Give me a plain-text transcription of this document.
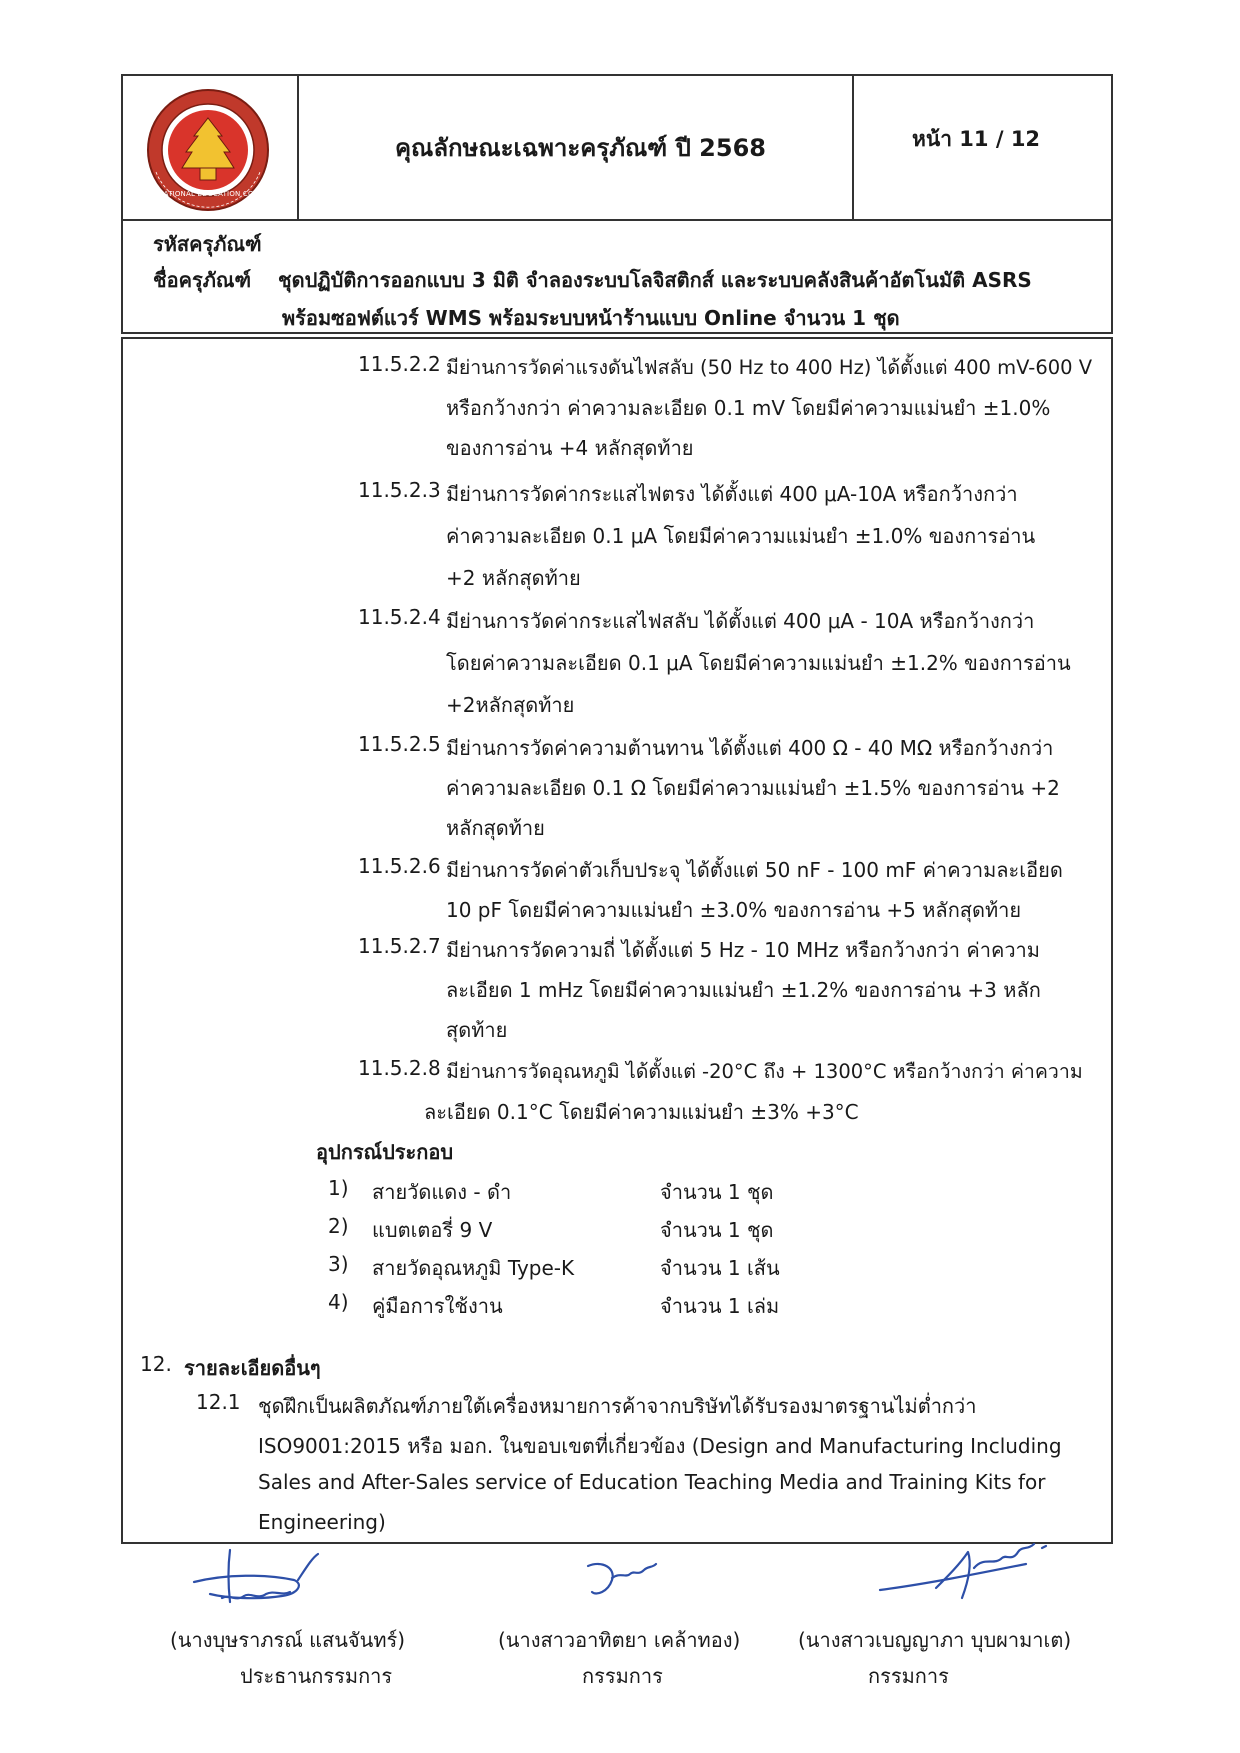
VOCATIONAL EDUCATION COMMISSION
คุณลักษณะเฉพาะครุภัณฑ์ ปี 2568	หน้า 11 / 12
รหัสครุภัณฑ์
ชื่อครุภัณฑ์ ชุดปฏิบัติการออกแบบ 3 มิติ จำลองระบบโลจิสติกส์ และระบบคลังสินค้าอัตโนมัติ ASRS
พร้อมซอฟต์แวร์ WMS พร้อมระบบหน้าร้านแบบ Online จำนวน 1 ชุด
11.5.2.2 มีย่านการวัดค่าแรงดันไฟสลับ (50 Hz to 400 Hz) ได้ตั้งแต่ 400 mV-600 V
หรือกว้างกว่า ค่าความละเอียด 0.1 mV โดยมีค่าความแม่นยำ ±1.0%
ของการอ่าน +4 หลักสุดท้าย
11.5.2.3 มีย่านการวัดค่ากระแสไฟตรง ได้ตั้งแต่ 400 μA-10A หรือกว้างกว่า
ค่าความละเอียด 0.1 μA โดยมีค่าความแม่นยำ ±1.0% ของการอ่าน
+2 หลักสุดท้าย
11.5.2.4 มีย่านการวัดค่ากระแสไฟสลับ ได้ตั้งแต่ 400 μA - 10A หรือกว้างกว่า
โดยค่าความละเอียด 0.1 μA โดยมีค่าความแม่นยำ ±1.2% ของการอ่าน
+2หลักสุดท้าย
11.5.2.5 มีย่านการวัดค่าความต้านทาน ได้ตั้งแต่ 400 Ω - 40 MΩ หรือกว้างกว่า
ค่าความละเอียด 0.1 Ω โดยมีค่าความแม่นยำ ±1.5% ของการอ่าน +2
หลักสุดท้าย
11.5.2.6 มีย่านการวัดค่าตัวเก็บประจุ ได้ตั้งแต่ 50 nF - 100 mF ค่าความละเอียด
10 pF โดยมีค่าความแม่นยำ ±3.0% ของการอ่าน +5 หลักสุดท้าย
11.5.2.7 มีย่านการวัดความถี่ ได้ตั้งแต่ 5 Hz - 10 MHz หรือกว้างกว่า ค่าความ
ละเอียด 1 mHz โดยมีค่าความแม่นยำ ±1.2% ของการอ่าน +3 หลัก
สุดท้าย
11.5.2.8 มีย่านการวัดอุณหภูมิ ได้ตั้งแต่ -20°C ถึง + 1300°C หรือกว้างกว่า ค่าความ
ละเอียด 0.1°C โดยมีค่าความแม่นยำ ±3% +3°C
อุปกรณ์ประกอบ
1) สายวัดแดง - ดำ	จำนวน 1 ชุด
2) แบตเตอรี่ 9 V	จำนวน 1 ชุด
3) สายวัดอุณหภูมิ Type-K	จำนวน 1 เส้น
4) คู่มือการใช้งาน	จำนวน 1 เล่ม
12. รายละเอียดอื่นๆ
12.1 ชุดฝึกเป็นผลิตภัณฑ์ภายใต้เครื่องหมายการค้าจากบริษัทได้รับรองมาตรฐานไม่ต่ำกว่า
ISO9001:2015 หรือ มอก. ในขอบเขตที่เกี่ยวข้อง (Design and Manufacturing Including
Sales and After-Sales service of Education Teaching Media and Training Kits for
Engineering)
(นางบุษราภรณ์ แสนจันทร์)
ประธานกรรมการ
(นางสาวอาทิตยา เคล้าทอง)
กรรมการ
(นางสาวเบญญาภา บุบผามาเต)
กรรมการ
